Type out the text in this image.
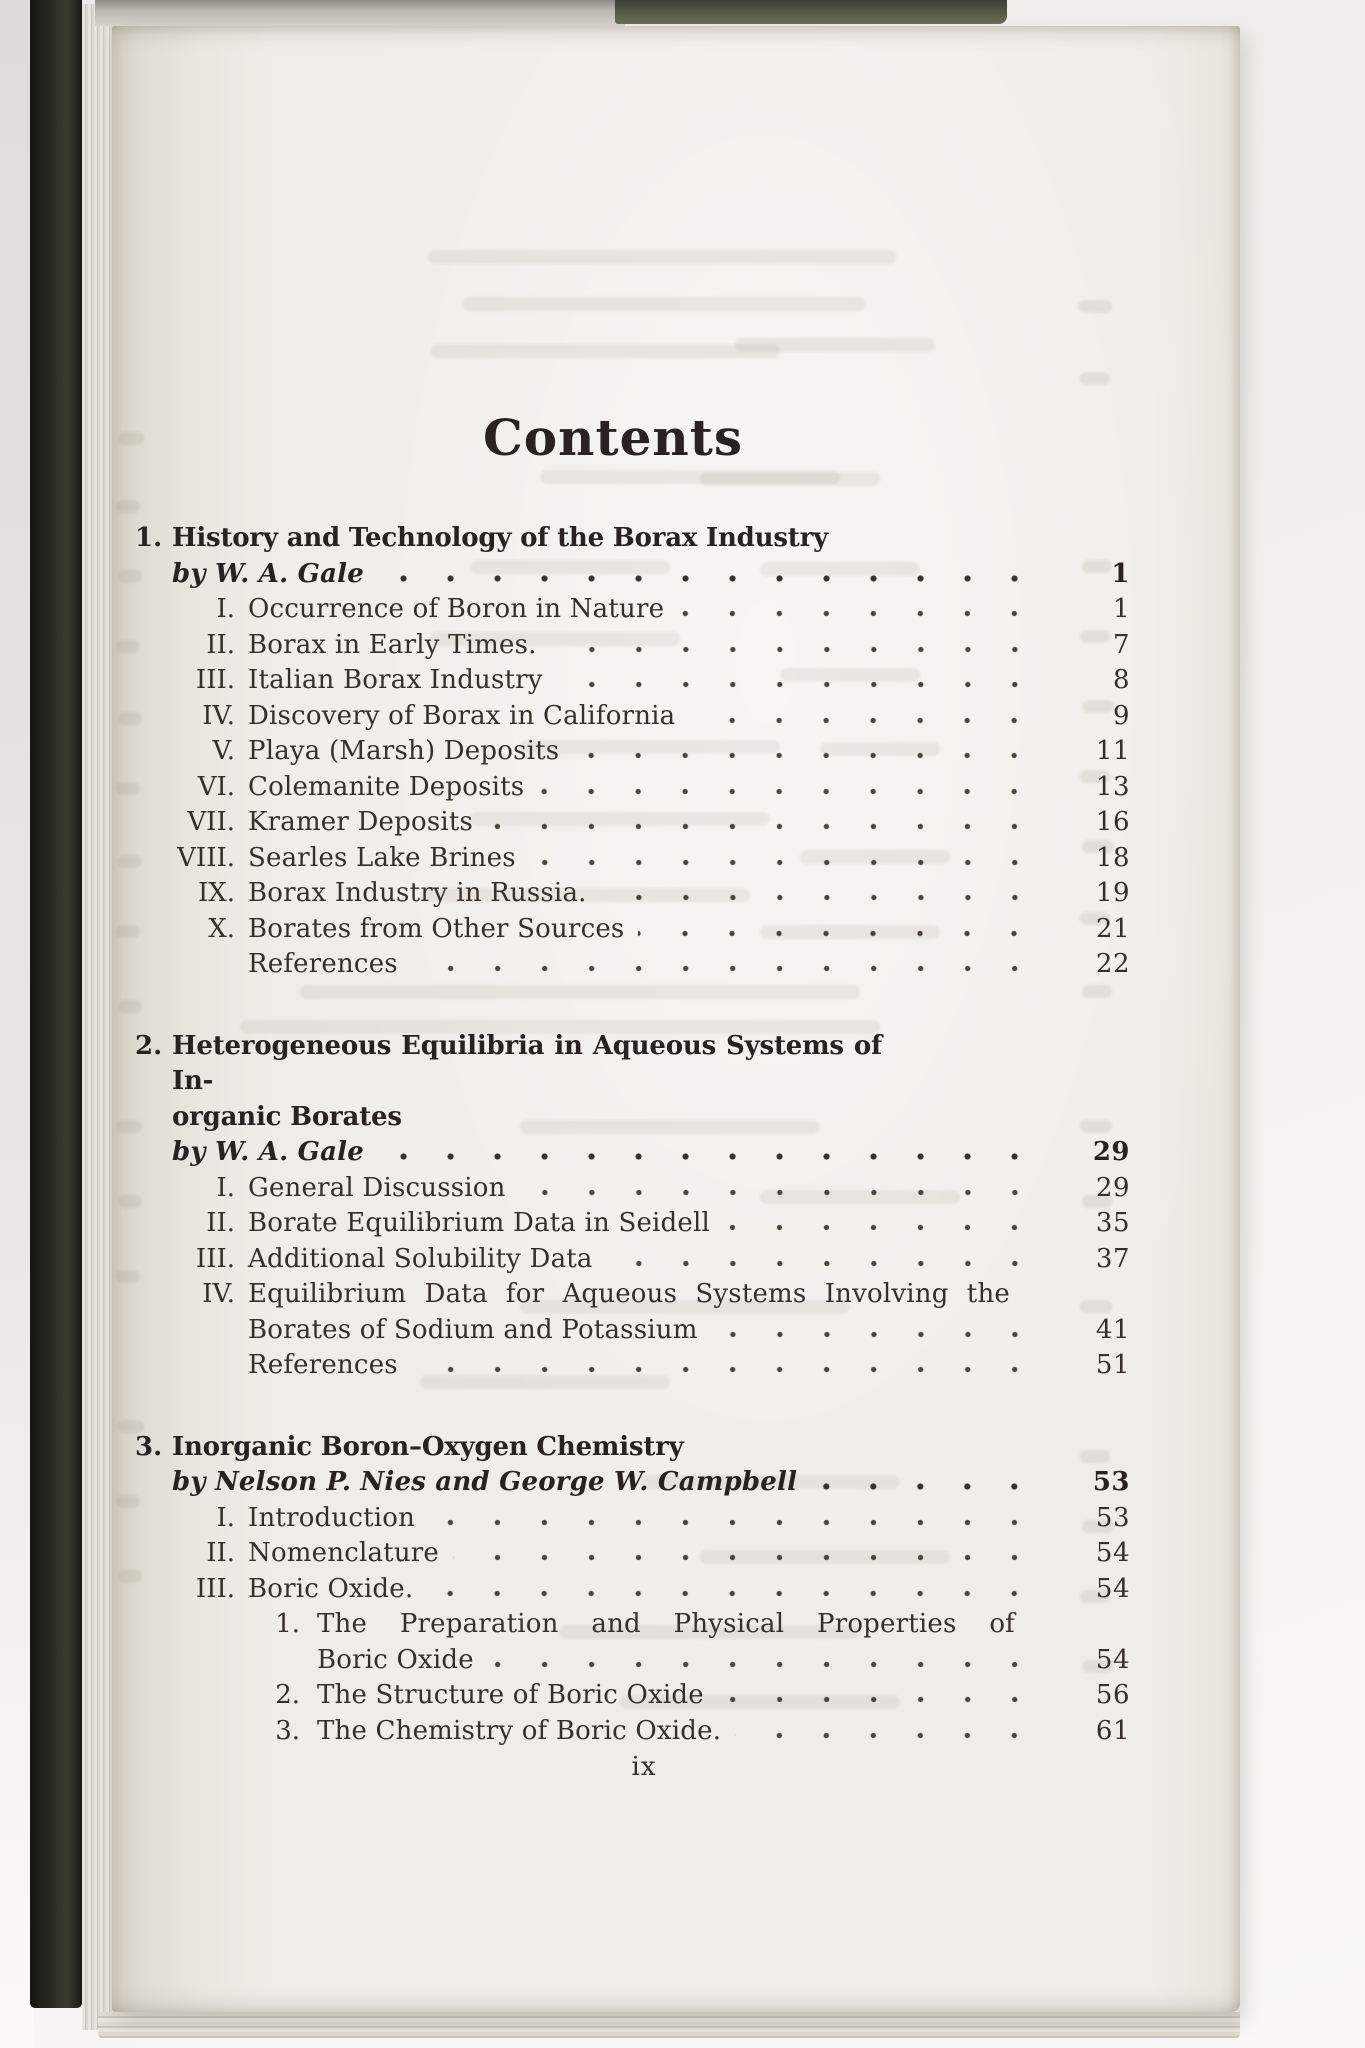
Contents
1. History and Technology of the Borax Industry
by W. A. Gale	1
I. Occurrence of Boron in Nature	1
II. Borax in Early Times.	7
III. Italian Borax Industry	8
IV. Discovery of Borax in California	9
V. Playa (Marsh) Deposits	11
VI. Colemanite Deposits	13
VII. Kramer Deposits	16
VIII. Searles Lake Brines	18
IX. Borax Industry in Russia.	19
X. Borates from Other Sources	21
References	22
2. Heterogeneous Equilibria in Aqueous Systems of In-
organic Borates
by W. A. Gale	29
I. General Discussion	29
II. Borate Equilibrium Data in Seidell	35
III. Additional Solubility Data	37
IV. Equilibrium Data for Aqueous Systems Involving the
Borates of Sodium and Potassium	41
References	51
3. Inorganic Boron–Oxygen Chemistry
by Nelson P. Nies and George W. Campbell	53
I. Introduction	53
II. Nomenclature	54
III. Boric Oxide.	54
1. The Preparation and Physical Properties of
Boric Oxide	54
2. The Structure of Boric Oxide	56
3. The Chemistry of Boric Oxide.	61
ix
